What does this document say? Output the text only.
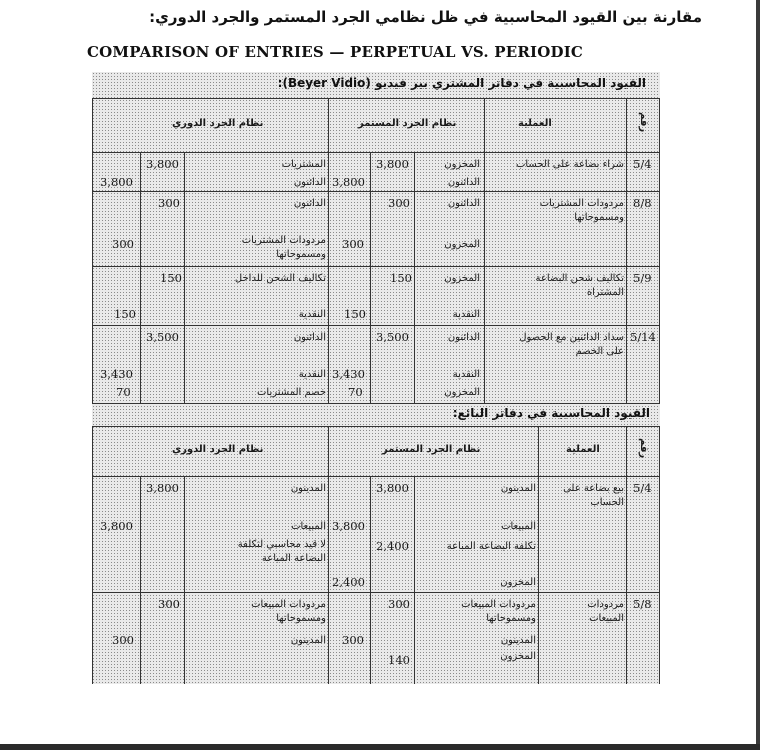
مقارنة بين القيود المحاسبية في ظل نظامي الجرد المستمر والجرد الدوري:
COMPARISON OF ENTRIES — PERPETUAL VS. PERIODIC
القيود المحاسبية في دفاتر المشتري بير فيديو (Beyer Vidio):
رقم
العملية
نظام الجرد المستمر
نظام الجرد الدوري
5/4
شراء بضاعة على الحساب
المخزون
3,800
الدائنون
3,800
المشتريات
3,800
الدائنون
3,800
8/8
مردودات المشتريات
ومسموحاتها
الدائنون
300
المخزون
300
الدائنون
300
مردودات المشتريات
ومسموحاتها
300
5/9
تكاليف شحن البضاعة
المشتراة
المخزون
150
النقدية
150
تكاليف الشحن للداخل
150
النقدية
150
5/14
سداد الدائنين مع الحصول
على الخصم
الدائنون
3,500
النقدية
3,430
المخزون
70
الدائنون
3,500
النقدية
3,430
خصم المشتريات
70
القيود المحاسبية في دفاتر البائع:
رقم
العملية
نظام الجرد المستمر
نظام الجرد الدوري
5/4
بيع بضاعة على
الحساب
المدينون
3,800
المبيعات
3,800
تكلفة البضاعة المباعة
2,400
المخزون
2,400
المدينون
3,800
المبيعات
3,800
لا قيد محاسبي لتكلفة
البضاعة المباعة
5/8
مردودات
المبيعات
مردودات المبيعات
ومسموحاتها
300
المدينون
300
المخزون
140
مردودات المبيعات
ومسموحاتها
300
المدينون
300
